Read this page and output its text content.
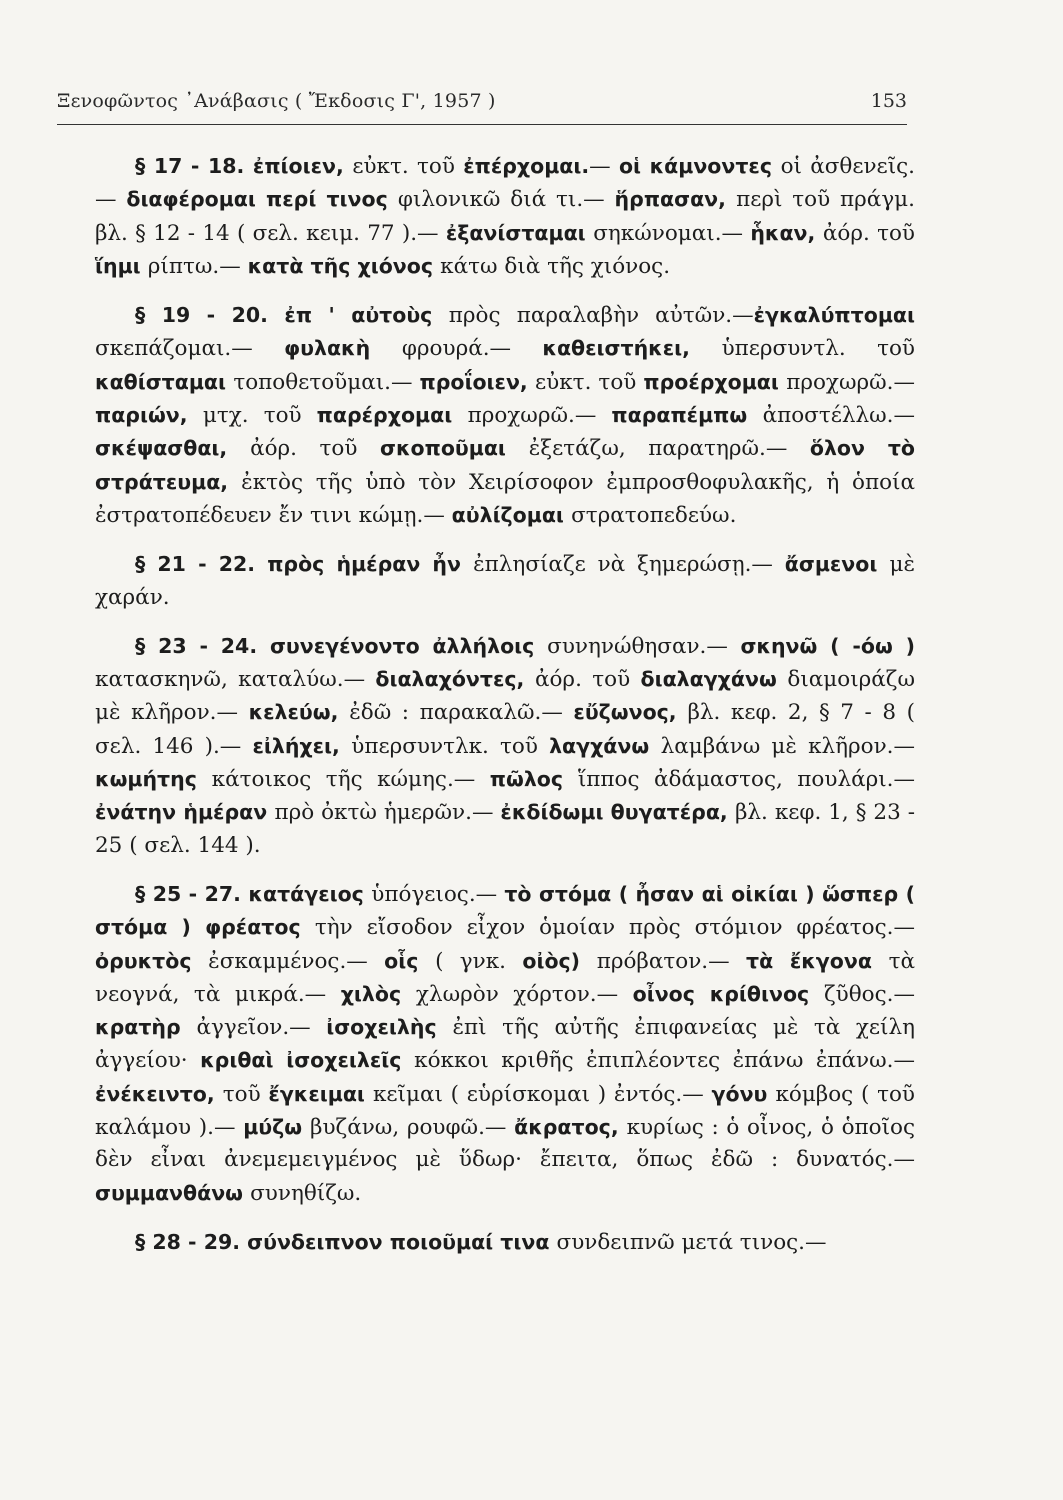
Ξενοφῶντος ᾽Ανάβασις ( Ἔκδοσις Γ', 1957 )	153

§ 17 - 18. ἐπίοιεν, εὐκτ. τοῦ ἐπέρχομαι.— οἱ κάμνοντες οἱ ἀσθενεῖς.— διαφέρομαι περί τινος φιλονικῶ διά τι.— ἥρπασαν, περὶ τοῦ πράγμ. βλ. § 12 - 14 ( σελ. κειμ. 77 ).— ἐξανίσταμαι σηκώνομαι.— ἧκαν, ἀόρ. τοῦ ἵημι ρίπτω.— κατὰ τῆς χιόνος κάτω διὰ τῆς χιόνος.

§ 19 - 20. ἐπ ' αὐτοὺς πρὸς παραλαβὴν αὐτῶν.—ἐγκαλύπτομαι σκεπάζομαι.— φυλακὴ φρουρά.— καθειστήκει, ὑπερσυντλ. τοῦ καθίσταμαι τοποθετοῦμαι.— προΐοιεν, εὐκτ. τοῦ προέρχομαι προχωρῶ.— παριών, μτχ. τοῦ παρέρχομαι προχωρῶ.— παραπέμπω ἀποστέλλω.— σκέψασθαι, ἀόρ. τοῦ σκοποῦμαι ἐξετάζω, παρατηρῶ.— ὅλον τὸ στράτευμα, ἐκτὸς τῆς ὑπὸ τὸν Χειρίσοφον ἐμπροσθοφυλακῆς, ἡ ὁποία ἐστρατοπέδευεν ἔν τινι κώμῃ.— αὐλίζομαι στρατοπεδεύω.

§ 21 - 22. πρὸς ἡμέραν ἦν ἐπλησίαζε νὰ ξημερώσῃ.— ἄσμενοι μὲ χαράν.

§ 23 - 24. συνεγένοντο ἀλλήλοις συνηνώθησαν.— σκηνῶ ( -όω ) κατασκηνῶ, καταλύω.— διαλαχόντες, ἀόρ. τοῦ διαλαγχάνω διαμοιράζω μὲ κλῆρον.— κελεύω, ἐδῶ : παρακαλῶ.— εὔζωνος, βλ. κεφ. 2, § 7 - 8 ( σελ. 146 ).— εἰλήχει, ὑπερσυντλκ. τοῦ λαγχάνω λαμβάνω μὲ κλῆρον.— κωμήτης κάτοικος τῆς κώμης.— πῶλος ἵππος ἀδάμαστος, πουλάρι.— ἐνάτην ἡμέραν πρὸ ὀκτὼ ἡμερῶν.— ἐκδίδωμι θυγατέρα, βλ. κεφ. 1, § 23 - 25 ( σελ. 144 ).

§ 25 - 27. κατάγειος ὑπόγειος.— τὸ στόμα ( ἦσαν αἱ οἰκίαι ) ὥσπερ ( στόμα ) φρέατος τὴν εἴσοδον εἶχον ὁμοίαν πρὸς στόμιον φρέατος.— ὀρυκτὸς ἐσκαμμένος.— οἷς ( γνκ. οἰὸς) πρόβατον.— τὰ ἔκγονα τὰ νεογνά, τὰ μικρά.— χιλὸς χλωρὸν χόρτον.— οἶνος κρίθινος ζῦθος.— κρατὴρ ἀγγεῖον.— ἰσοχειλὴς ἐπὶ τῆς αὐτῆς ἐπιφανείας μὲ τὰ χείλη ἀγγείου· κριθαὶ ἰσοχειλεῖς κόκκοι κριθῆς ἐπιπλέοντες ἐπάνω ἐπάνω.— ἐνέκειντο, τοῦ ἔγκειμαι κεῖμαι ( εὑρίσκομαι ) ἐντός.— γόνυ κόμβος ( τοῦ καλάμου ).— μύζω βυζάνω, ρουφῶ.— ἄκρατος, κυρίως : ὁ οἶνος, ὁ ὁποῖος δὲν εἶναι ἀνεμεμειγμένος μὲ ὕδωρ· ἔπειτα, ὅπως ἐδῶ : δυνατός.— συμμανθάνω συνηθίζω.

§ 28 - 29. σύνδειπνον ποιοῦμαί τινα συνδειπνῶ μετά τινος.—
